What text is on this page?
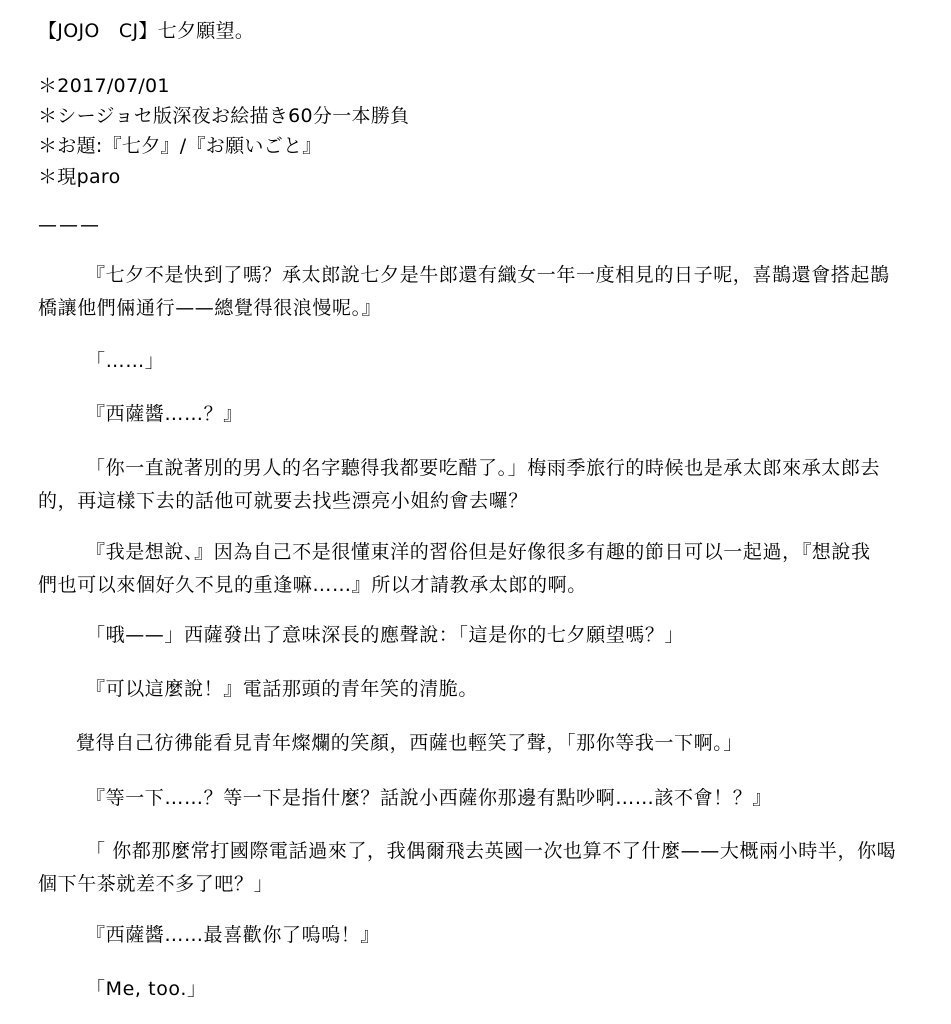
【JOJO　CJ】七夕願望。
＊2017/07/01
＊シージョセ版深夜お絵描き60分一本勝負
＊お題:『七夕』/『お願いごと』
＊現paro
———
『七夕不是快到了嗎？承太郎說七夕是牛郎還有織女一年一度相見的日子呢，喜鵲還會搭起鵲
橋讓他們倆通行——總覺得很浪慢呢。』
「……」
『西薩醬……？』
「你一直說著別的男人的名字聽得我都要吃醋了。」梅雨季旅行的時候也是承太郎來承太郎去
的，再這樣下去的話他可就要去找些漂亮小姐約會去囉？
『我是想說、』因為自己不是很懂東洋的習俗但是好像很多有趣的節日可以一起過，『想說我
們也可以來個好久不見的重逢嘛……』所以才請教承太郎的啊。
「哦——」西薩發出了意味深長的應聲說：「這是你的七夕願望嗎？」
『可以這麼說！』電話那頭的青年笑的清脆。
覺得自己彷彿能看見青年燦爛的笑顏，西薩也輕笑了聲，「那你等我一下啊。」
『等一下……？等一下是指什麼？話說小西薩你那邊有點吵啊……該不會！？』
「 你都那麼常打國際電話過來了，我偶爾飛去英國一次也算不了什麼——大概兩小時半，你喝
個下午茶就差不多了吧？」
『西薩醬……最喜歡你了嗚嗚！』
「Me, too.」
